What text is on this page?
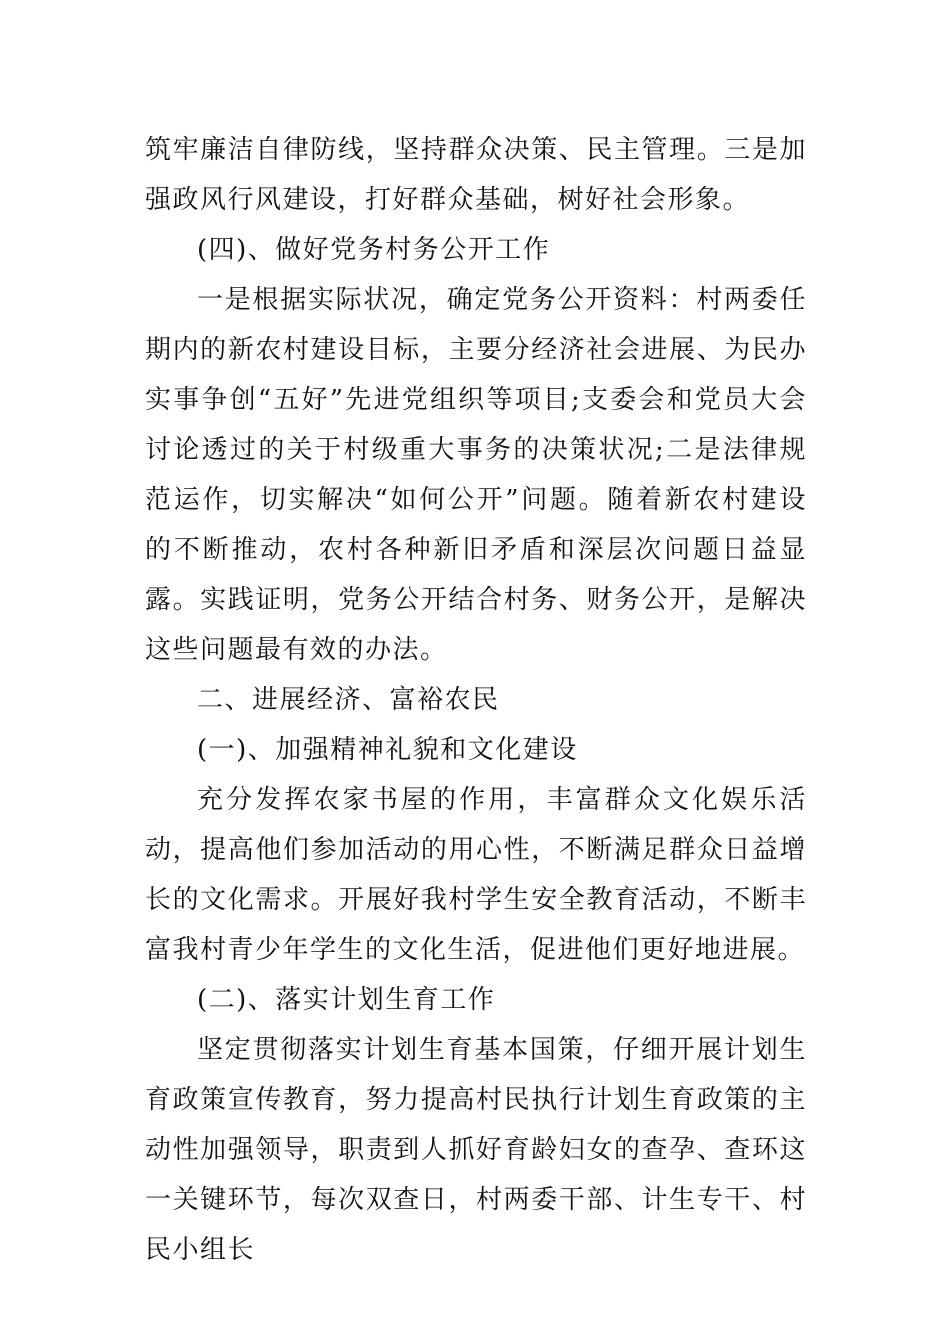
筑牢廉洁自律防线，坚持群众决策、民主管理。三是加强政风行风建设，打好群众基础，树好社会形象。

(四)、做好党务村务公开工作

一是根据实际状况，确定党务公开资料：村两委任期内的新农村建设目标，主要分经济社会进展、为民办实事争创“五好”先进党组织等项目;支委会和党员大会讨论透过的关于村级重大事务的决策状况;二是法律规范运作，切实解决“如何公开”问题。随着新农村建设的不断推动，农村各种新旧矛盾和深层次问题日益显露。实践证明，党务公开结合村务、财务公开，是解决这些问题最有效的办法。

二、进展经济、富裕农民

(一)、加强精神礼貌和文化建设

充分发挥农家书屋的作用，丰富群众文化娱乐活动，提高他们参加活动的用心性，不断满足群众日益增长的文化需求。开展好我村学生安全教育活动，不断丰富我村青少年学生的文化生活，促进他们更好地进展。

(二)、落实计划生育工作

坚定贯彻落实计划生育基本国策，仔细开展计划生育政策宣传教育，努力提高村民执行计划生育政策的主动性加强领导，职责到人抓好育龄妇女的查孕、查环这一关键环节，每次双查日，村两委干部、计生专干、村民小组长
